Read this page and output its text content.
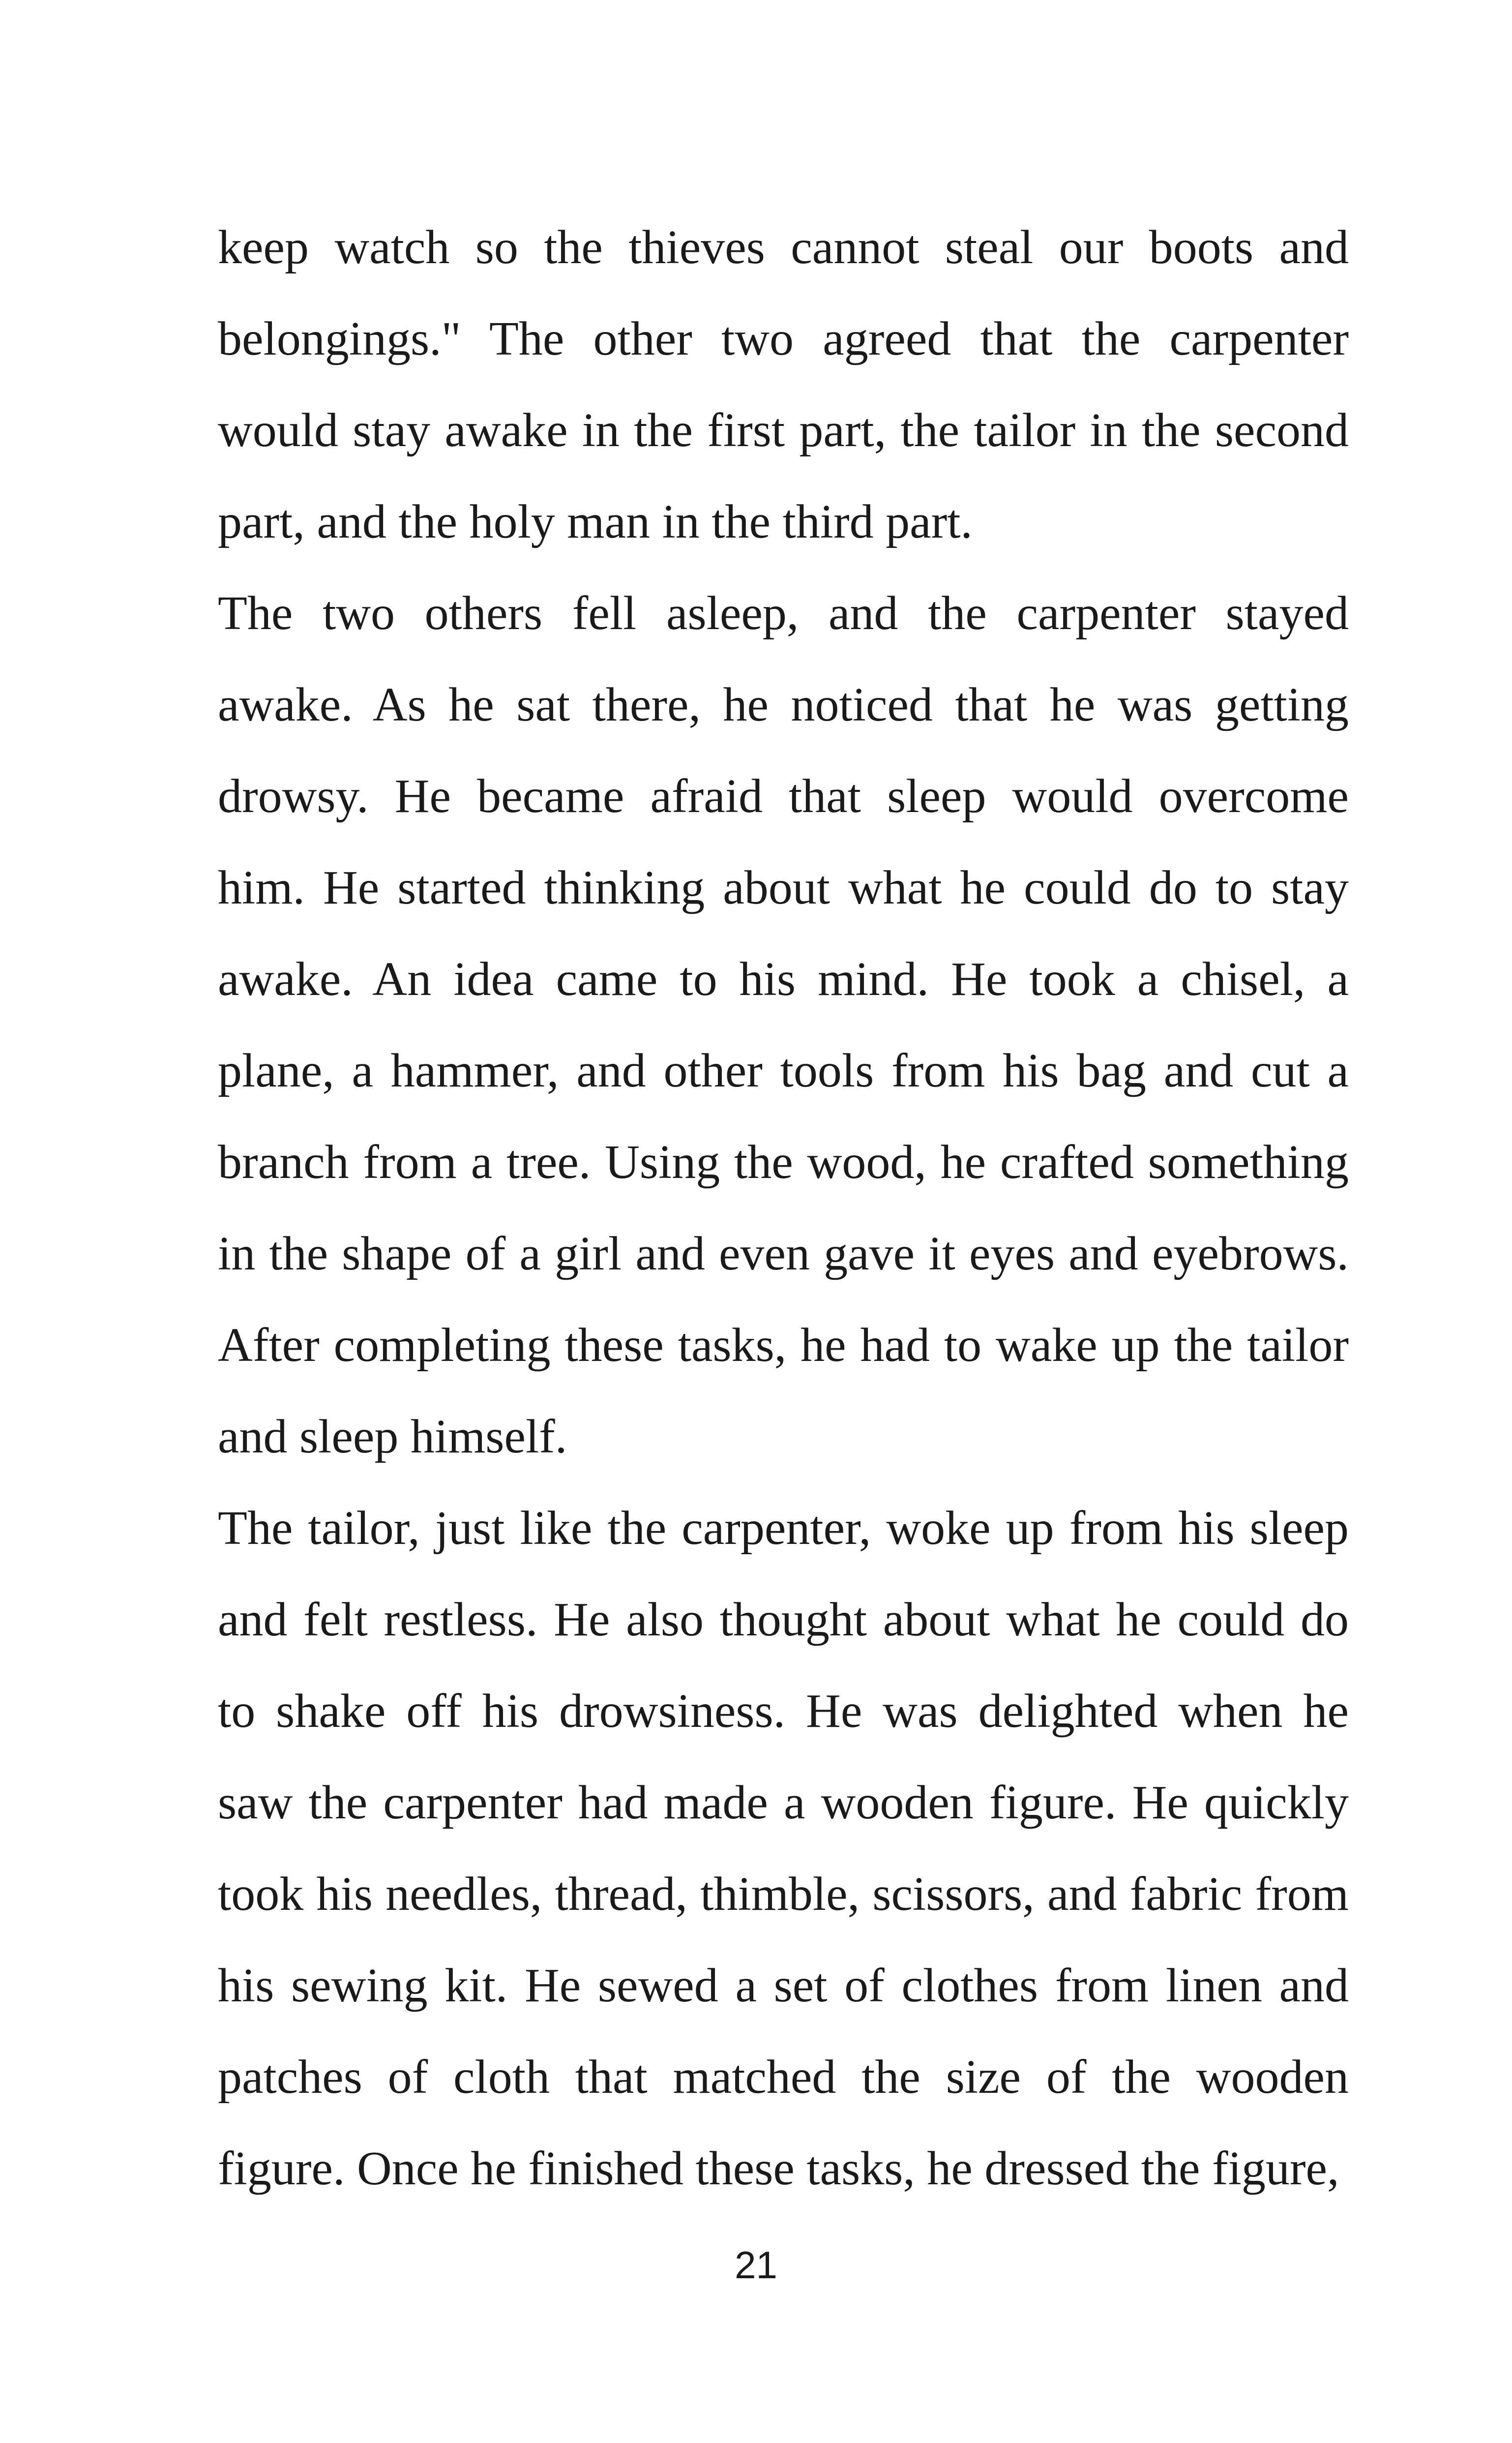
keep watch so the thieves cannot steal our boots and belongings." The other two agreed that the carpenter would stay awake in the first part, the tailor in the second part, and the holy man in the third part.

The two others fell asleep, and the carpenter stayed awake. As he sat there, he noticed that he was getting drowsy. He became afraid that sleep would overcome him. He started thinking about what he could do to stay awake. An idea came to his mind. He took a chisel, a plane, a hammer, and other tools from his bag and cut a branch from a tree. Using the wood, he crafted something in the shape of a girl and even gave it eyes and eyebrows. After completing these tasks, he had to wake up the tailor and sleep himself.

The tailor, just like the carpenter, woke up from his sleep and felt restless. He also thought about what he could do to shake off his drowsiness. He was delighted when he saw the carpenter had made a wooden figure. He quickly took his needles, thread, thimble, scissors, and fabric from his sewing kit. He sewed a set of clothes from linen and patches of cloth that matched the size of the wooden figure. Once he finished these tasks, he dressed the figure,

21
